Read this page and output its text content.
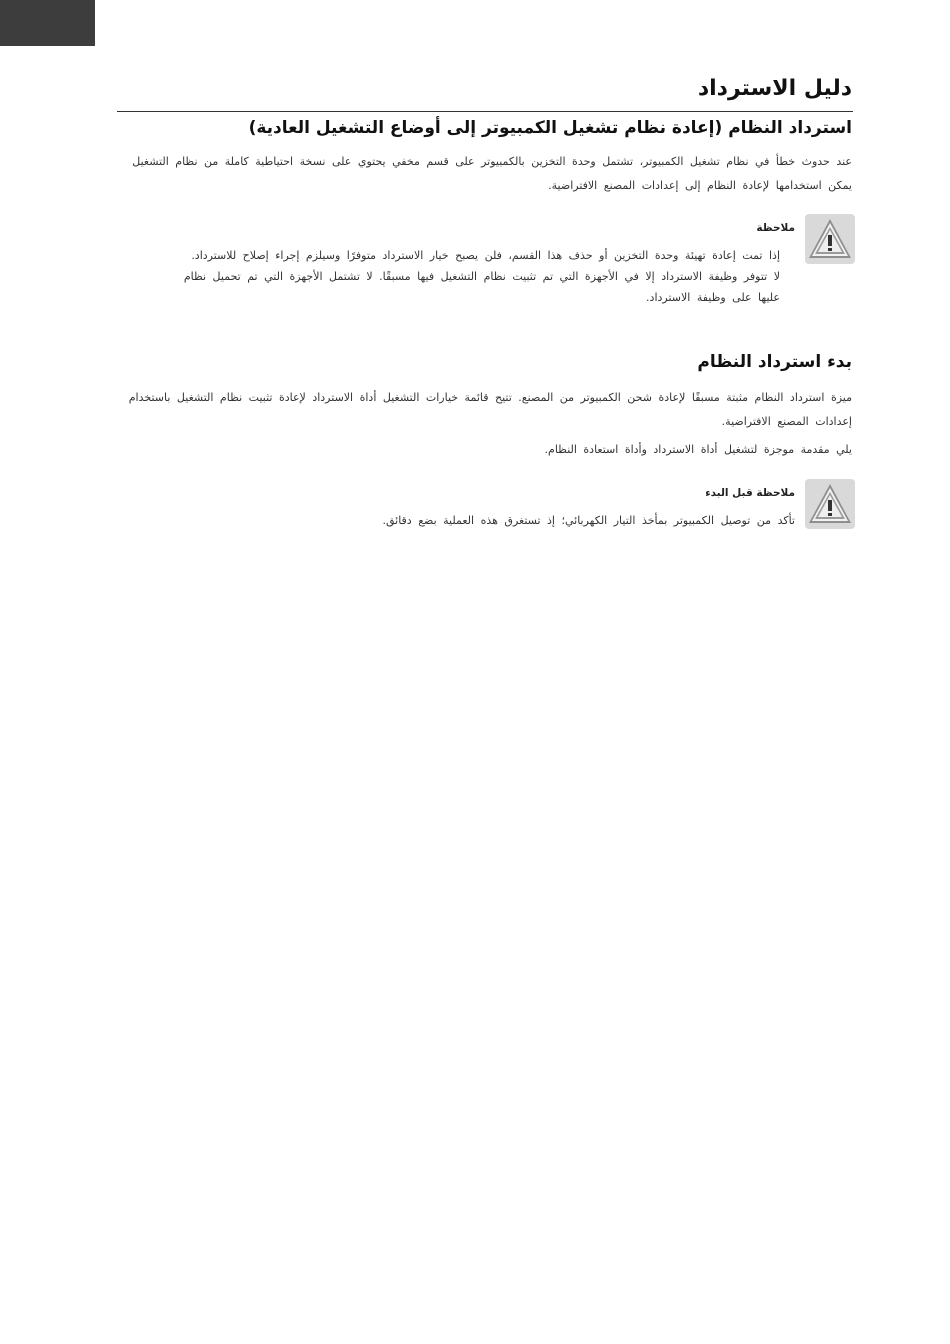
دليل الاسترداد
استرداد النظام (إعادة نظام تشغيل الكمبيوتر إلى أوضاع التشغيل العادية)

عند حدوث خطأ في نظام تشغيل الكمبيوتر، تشتمل وحدة التخزين بالكمبيوتر على قسم مخفي يحتوي على نسخة احتياطية كاملة من نظام التشغيل يمكن استخدامها لإعادة النظام إلى إعدادات المصنع الافتراضية.

ملاحظة

إذا تمت إعادة تهيئة وحدة التخزين أو حذف هذا القسم، فلن يصبح خيار الاسترداد متوفرًا وسيلزم إجراء إصلاح للاسترداد.

لا تتوفر وظيفة الاسترداد إلا في الأجهزة التي تم تثبيت نظام التشغيل فيها مسبقًا. لا تشتمل الأجهزة التي تم تحميل نظام

عليها على وظيفة الاسترداد.

بدء استرداد النظام

ميزة استرداد النظام مثبتة مسبقًا لإعادة شحن الكمبيوتر من المصنع. تتيح قائمة خيارات التشغيل أداة الاسترداد لإعادة تثبيت نظام التشغيل باستخدام إعدادات المصنع الافتراضية.

يلي مقدمة موجزة لتشغيل أداة الاسترداد وأداة استعادة النظام.

ملاحظة قبل البدء

تأكد من توصيل الكمبيوتر بمأخذ التيار الكهربائي؛ إذ تستغرق هذه العملية بضع دقائق.
